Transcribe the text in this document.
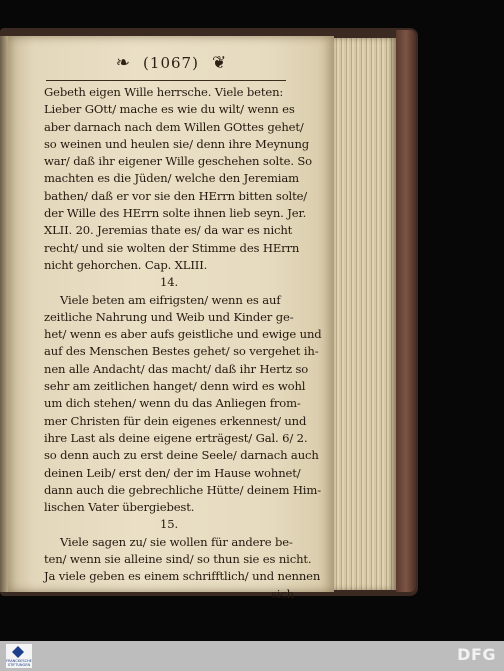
❧ (1067) ❦
Gebeth eigen Wille herrsche. Viele beten:
Lieber GOtt/ mache es wie du wilt/ wenn es
aber darnach nach dem Willen GOttes gehet/
so weinen und heulen sie/ denn ihre Meynung
war/ daß ihr eigener Wille geschehen solte. So
machten es die Jüden/ welche den Jeremiam
bathen/ daß er vor sie den HErrn bitten solte/
der Wille des HErrn solte ihnen lieb seyn. Jer.
XLII. 20. Jeremias thate es/ da war es nicht
recht/ und sie wolten der Stimme des HErrn
nicht gehorchen. Cap. XLIII.
14.
Viele beten am eifrigsten/ wenn es auf
zeitliche Nahrung und Weib und Kinder ge-
het/ wenn es aber aufs geistliche und ewige und
auf des Menschen Bestes gehet/ so vergehet ih-
nen alle Andacht/ das macht/ daß ihr Hertz so
sehr am zeitlichen hanget/ denn wird es wohl
um dich stehen/ wenn du das Anliegen from-
mer Christen für dein eigenes erkennest/ und
ihre Last als deine eigene erträgest/ Gal. 6/ 2.
so denn auch zu erst deine Seele/ darnach auch
deinen Leib/ erst den/ der im Hause wohnet/
dann auch die gebrechliche Hütte/ deinem Him-
lischen Vater übergiebest.
15.
Viele sagen zu/ sie wollen für andere be-
ten/ wenn sie alleine sind/ so thun sie es nicht.
Ja viele geben es einem schrifftlich/ und nennen
sich
FRANCKESCHE STIFTUNGEN
DFG
